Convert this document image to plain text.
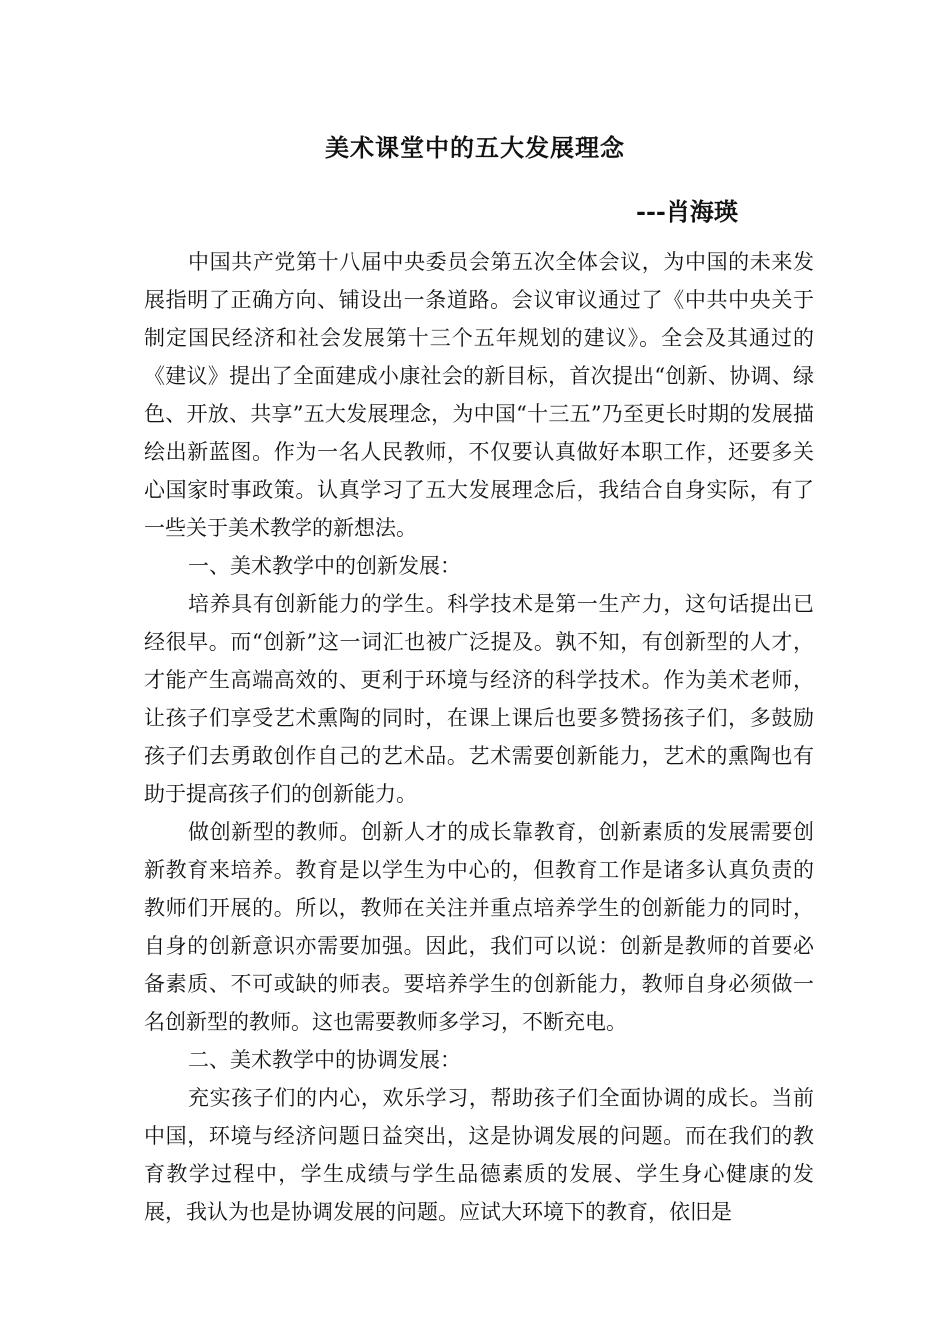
美术课堂中的五大发展理念
---肖海瑛

中国共产党第十八届中央委员会第五次全体会议，为中国的未来发展指明了正确方向、铺设出一条道路。会议审议通过了《中共中央关于制定国民经济和社会发展第十三个五年规划的建议》。全会及其通过的《建议》提出了全面建成小康社会的新目标，首次提出“创新、协调、绿色、开放、共享”五大发展理念，为中国“十三五”乃至更长时期的发展描绘出新蓝图。作为一名人民教师，不仅要认真做好本职工作，还要多关心国家时事政策。认真学习了五大发展理念后，我结合自身实际，有了一些关于美术教学的新想法。

一、美术教学中的创新发展：

培养具有创新能力的学生。科学技术是第一生产力，这句话提出已经很早。而“创新”这一词汇也被广泛提及。孰不知，有创新型的人才，才能产生高端高效的、更利于环境与经济的科学技术。作为美术老师，让孩子们享受艺术熏陶的同时，在课上课后也要多赞扬孩子们，多鼓励孩子们去勇敢创作自己的艺术品。艺术需要创新能力，艺术的熏陶也有助于提高孩子们的创新能力。

做创新型的教师。创新人才的成长靠教育，创新素质的发展需要创新教育来培养。教育是以学生为中心的，但教育工作是诸多认真负责的教师们开展的。所以，教师在关注并重点培养学生的创新能力的同时，自身的创新意识亦需要加强。因此，我们可以说：创新是教师的首要必备素质、不可或缺的师表。要培养学生的创新能力，教师自身必须做一名创新型的教师。这也需要教师多学习，不断充电。

二、美术教学中的协调发展：

充实孩子们的内心，欢乐学习，帮助孩子们全面协调的成长。当前中国，环境与经济问题日益突出，这是协调发展的问题。而在我们的教育教学过程中，学生成绩与学生品德素质的发展、学生身心健康的发展，我认为也是协调发展的问题。应试大环境下的教育，依旧是
